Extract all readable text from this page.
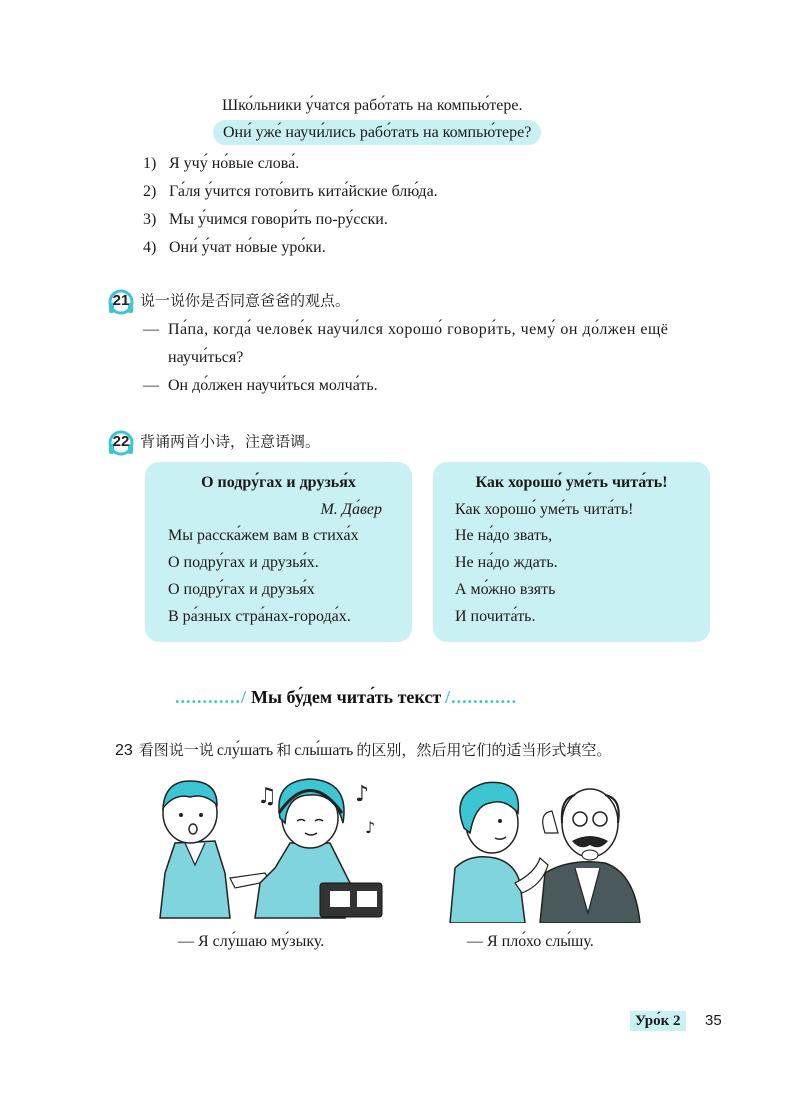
Шко́льники у́чатся рабо́тать на компью́тере.
Они́ уже́ научи́лись рабо́тать на компью́тере?
1) Я учу́ но́вые слова́.
2) Га́ля у́чится гото́вить кита́йские блю́да.
3) Мы у́чимся говори́ть по-ру́сски.
4) Они́ у́чат но́вые уро́ки.
21 说一说你是否同意爸爸的观点。
— Па́па, когда́ челове́к научи́лся хорошо́ говори́ть, чему́ он до́лжен ещё
научи́ться?
— Он до́лжен научи́ться молча́ть.
22 背诵两首小诗，注意语调。
О подру́гах и друзья́х
М. Да́вер
Мы расска́жем вам в стиха́х
О подру́гах и друзья́х.
О подру́гах и друзья́х
В ра́зных стра́нах-города́х.
Как хорошо́ уме́ть чита́ть!
Как хорошо́ уме́ть чита́ть!
Не на́до звать,
Не на́до ждать.
А мо́жно взять
И почита́ть.
............/ Мы бу́дем чита́ть текст /............
23 看图说一说 слу́шать 和 слы́шать 的区别，然后用它们的适当形式填空。
♫	♪
♪
— Я слу́шаю му́зыку.	— Я пло́хо слы́шу.
Уро́к 2	35
